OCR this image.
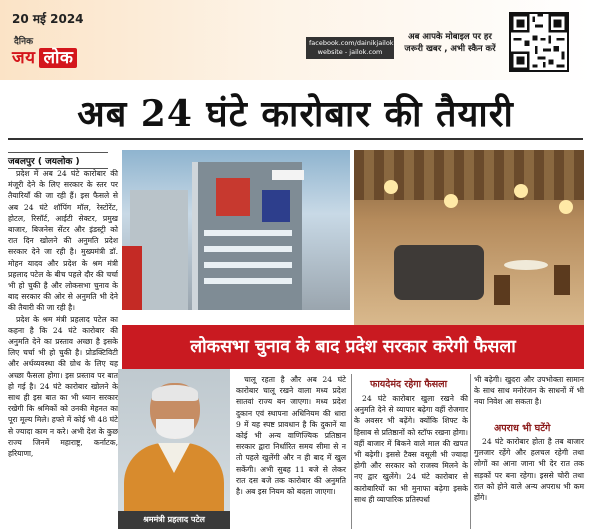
20 मई 2024
दैनिक
जय लोक
facebook.com/dainikjailok
website - jailok.com
अब आपके मोबाइल पर हर जरूरी खबर , अभी स्कैन करें
अब 24 घंटे कारोबार की तैयारी
जबलपुर ( जयलोक )

प्रदेश में अब 24 घंटे कारोबार की मंजूरी देने के लिए सरकार के स्तर पर तैयारियाँ की जा रही हैं। इस फैसले से अब 24 घंटे शॉपिंग मॉल, रेस्टोरेंट, होटल, रिसॉर्ट, आईटी सेक्टर, प्रमुख बाजार, बिजनेस सेंटर और इंडस्ट्री को रात दिन खोलने की अनुमति प्रदेश सरकार देने जा रही है। मुख्यमंत्री डॉ. मोहन यादव और प्रदेश के श्रम मंत्री प्रहलाद पटेल के बीच पहले दौर की चर्चा भी हो चुकी है और लोकसभा चुनाव के बाद सरकार की ओर से अनुमति भी देने की तैयारी की जा रही है।

प्रदेश के श्रम मंत्री प्रहलाद पटेल का कहना है कि 24 घंटे कारोबार की अनुमति देने का प्रस्ताव अच्छा है इसके लिए चर्चा भी हो चुकी है। प्रोडक्टिविटी और अर्थव्यवस्था की ग्रोथ के लिए यह अच्छा फैसला होगा। इस प्रस्ताव पर बात हो गई है। 24 घंटे कारोबार खोलने के साथ ही इस बात का भी ध्यान सरकार रखेगी कि श्रमिकों को उनकी मेहनत का पूरा मूल्य मिले। हफ्ते में कोई भी 48 घंटे से ज्यादा काम न करे। अभी देश के कुछ राज्य जिनमें महाराष्ट्र, कर्नाटक, हरियाणा,

लोकसभा चुनाव के बाद प्रदेश सरकार करेगी फैसला
श्रममंत्री प्रहलाद पटेल

चालू रहता है और अब 24 घंटे कारोबार चालू रखने वाला मध्य प्रदेश सातवां राज्य बन जाएगा। मध्य प्रदेश दुकान एवं स्थापना अधिनियम की धारा 9 में यह स्पष्ट प्रावधान है कि दुकानें या कोई भी अन्य वाणिज्यिक प्रतिष्ठान सरकार द्वारा निर्धारित समय सीमा से न तो पहले खुलेंगी और न ही बाद में खुल सकेंगी। अभी सुबह 11 बजे से लेकर रात दस बजे तक कारोबार की अनुमति है। अब इस नियम को बदला जाएगा।

फायदेमंद रहेगा फैसला

24 घंटे कारोबार खुला रखने की अनुमति देने से व्यापार बढ़ेगा वहीं रोजगार के अवसर भी बढ़ेंगे। क्योंकि शिफ्ट के हिसाब से प्रतिष्ठानों को स्टॉफ रखना होगा। वहीं बाजार में बिकने वाले माल की खपत भी बढ़ेगी। इससे टैक्स वसूली भी ज्यादा होगी और सरकार को राजस्व मिलने के नए द्वार खुलेंगे। 24 घंटे कारोबार से कारोबारियों का भी मुनाफा बढ़ेगा इसके साथ ही व्यापारिक प्रतिस्पर्धा

भी बढ़ेगी। खुदरा और उपभोक्ता सामान के साथ साथ मनोरंजन के साधनों में भी नया निवेश आ सकता है।

अपराध भी घटेंगे

24 घंटे कारोबार होता है तब बाजार गुलजार रहेंगे और हलचल रहेगी तथा लोगों का आना जाना भी देर रात तक सड़कों पर बना रहेगा। इससे चोरी तथा रात को होने वाले अन्य अपराध भी कम होंगे।
